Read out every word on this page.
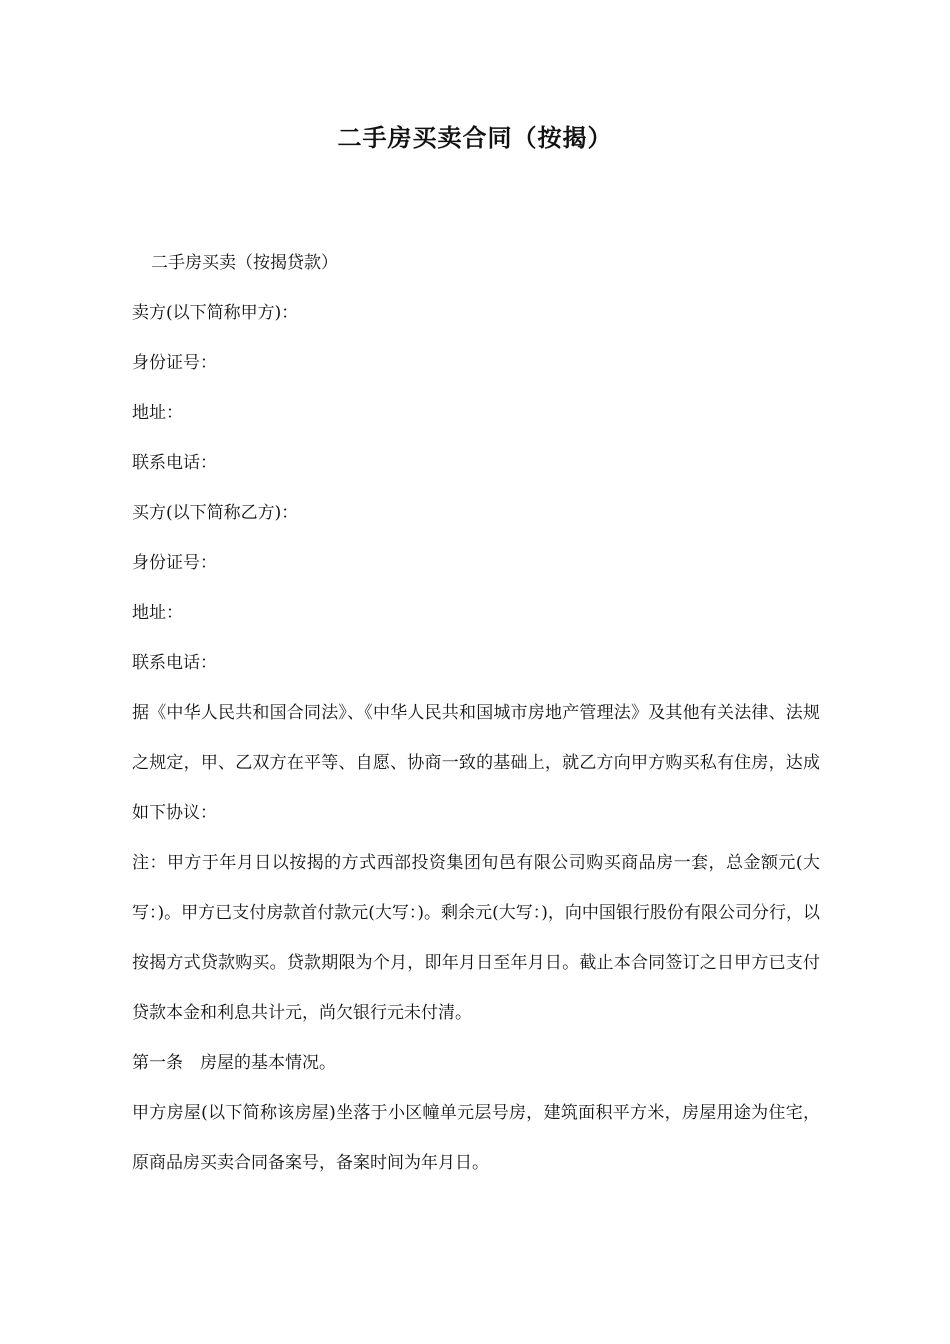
二手房买卖合同（按揭）

二手房买卖（按揭贷款）

卖方(以下简称甲方)：

身份证号：

地址：

联系电话：

买方(以下简称乙方)：

身份证号：

地址：

联系电话：

据《中华人民共和国合同法》、《中华人民共和国城市房地产管理法》及其他有关法律、法规之规定，甲、乙双方在平等、自愿、协商一致的基础上，就乙方向甲方购买私有住房，达成如下协议：

注：甲方于年月日以按揭的方式西部投资集团旬邑有限公司购买商品房一套，总金额元(大写：)。甲方已支付房款首付款元(大写：)。剩余元(大写：)，向中国银行股份有限公司分行，以按揭方式贷款购买。贷款期限为个月，即年月日至年月日。截止本合同签订之日甲方已支付贷款本金和利息共计元，尚欠银行元未付清。

第一条　房屋的基本情况。

甲方房屋(以下简称该房屋)坐落于小区幢单元层号房，建筑面积平方米，房屋用途为住宅，原商品房买卖合同备案号，备案时间为年月日。
